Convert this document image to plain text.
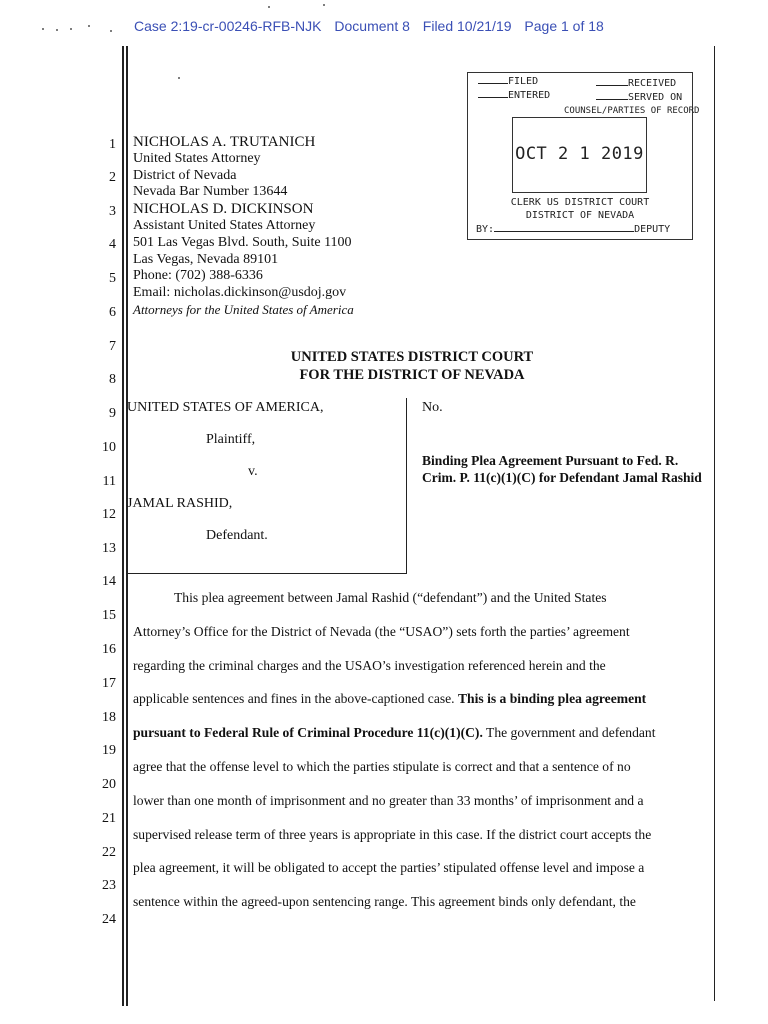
Case 2:19-cr-00246-RFB-NJK Document 8 Filed 10/21/19 Page 1 of 18
1
2
3
4
5
6
7
8
9
10
11
12
13
14
15
16
17
18
19
20
21
22
23
24
NICHOLAS A. TRUTANICH
United States Attorney
District of Nevada
Nevada Bar Number 13644
NICHOLAS D. DICKINSON
Assistant United States Attorney
501 Las Vegas Blvd. South, Suite 1100
Las Vegas, Nevada 89101
Phone: (702) 388-6336
Email: nicholas.dickinson@usdoj.gov
Attorneys for the United States of America
FILED	RECEIVED
ENTERED	SERVED ON
COUNSEL/PARTIES OF RECORD
OCT 2 1 2019
CLERK US DISTRICT COURT
DISTRICT OF NEVADA
BY:	DEPUTY
UNITED STATES DISTRICT COURT
FOR THE DISTRICT OF NEVADA
UNITED STATES OF AMERICA,
Plaintiff,
v.
JAMAL RASHID,
Defendant.
No.
Binding Plea Agreement Pursuant to Fed. R. Crim. P. 11(c)(1)(C) for Defendant Jamal Rashid

This plea agreement between Jamal Rashid (“defendant”) and the United States

Attorney’s Office for the District of Nevada (the “USAO”) sets forth the parties’ agreement

regarding the criminal charges and the USAO’s investigation referenced herein and the

applicable sentences and fines in the above-captioned case. This is a binding plea agreement

pursuant to Federal Rule of Criminal Procedure 11(c)(1)(C). The government and defendant

agree that the offense level to which the parties stipulate is correct and that a sentence of no

lower than one month of imprisonment and no greater than 33 months’ of imprisonment and a

supervised release term of three years is appropriate in this case. If the district court accepts the

plea agreement, it will be obligated to accept the parties’ stipulated offense level and impose a

sentence within the agreed-upon sentencing range. This agreement binds only defendant, the
